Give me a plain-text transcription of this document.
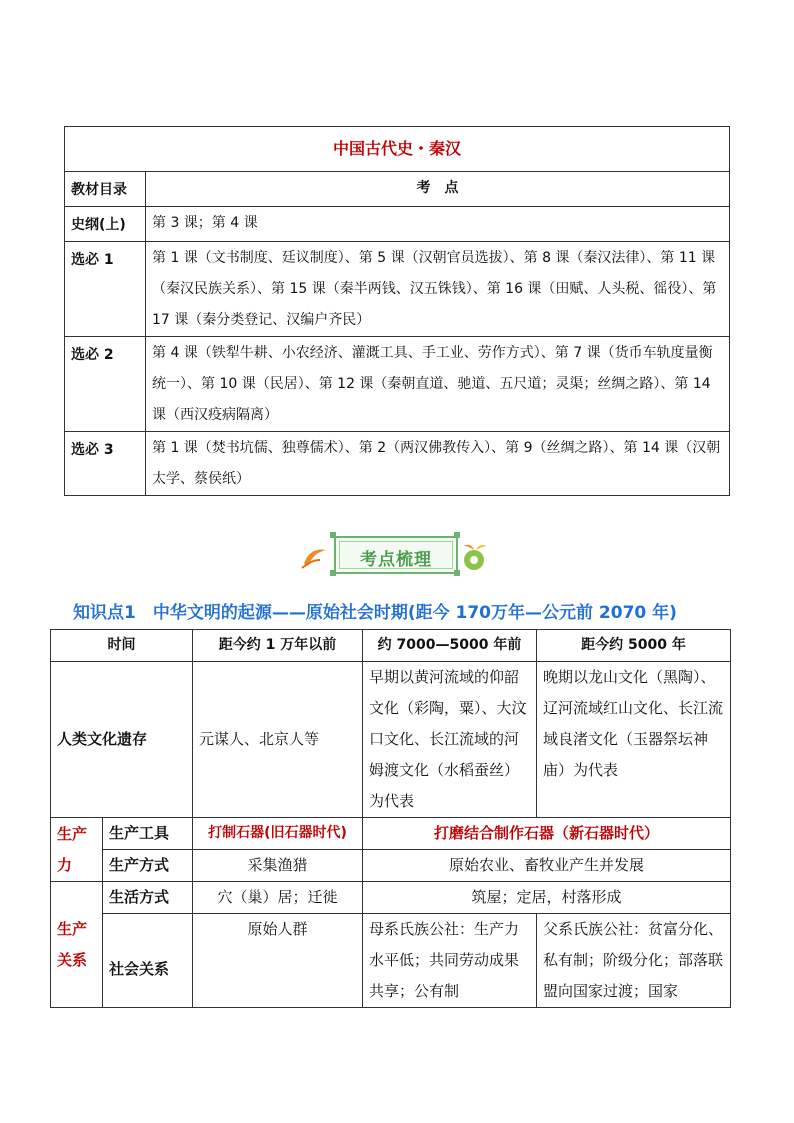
中国古代史・秦汉	
教材目录	考　点
史纲(上)	第 3 课；第 4 课
选必 1	第 1 课（文书制度、廷议制度）、第 5 课（汉朝官员选拔）、第 8 课（秦汉法律）、第 11 课（秦汉民族关系）、第 15 课（秦半两钱、汉五铢钱）、第 16 课（田赋、人头税、徭役）、第 17 课（秦分类登记、汉编户齐民）
选必 2	第 4 课（铁犁牛耕、小农经济、灌溉工具、手工业、劳作方式）、第 7 课（货币车轨度量衡统一）、第 10 课（民居）、第 12 课（秦朝直道、驰道、五尺道；灵渠；丝绸之路）、第 14 课（西汉疫病隔离）
选必 3	第 1 课（焚书坑儒、独尊儒术）、第 2（两汉佛教传入）、第 9（丝绸之路）、第 14 课（汉朝太学、蔡侯纸）
考点梳理
知识点1　中华文明的起源——原始社会时期(距今 170万年—公元前 2070 年)
时间		距今约 1 万年以前	约 7000—5000 年前	距今约 5000 年
人类文化遗存		元谋人、北京人等	早期以黄河流域的仰韶文化（彩陶，粟）、大汶口文化、长江流域的河姆渡文化（水稻蚕丝）为代表	晚期以龙山文化（黑陶）、辽河流域红山文化、长江流域良渚文化（玉器祭坛神庙）为代表
生产力	生产工具	打制石器(旧石器时代)	打磨结合制作石器（新石器时代）	
	生产方式	采集渔猎	原始农业、畜牧业产生并发展	
生产关系	生活方式	穴（巢）居；迁徙	筑屋；定居，村落形成	
	社会关系	原始人群	母系氏族公社：生产力水平低；共同劳动成果共享；公有制	父系氏族公社：贫富分化、私有制；阶级分化；部落联盟向国家过渡；国家
